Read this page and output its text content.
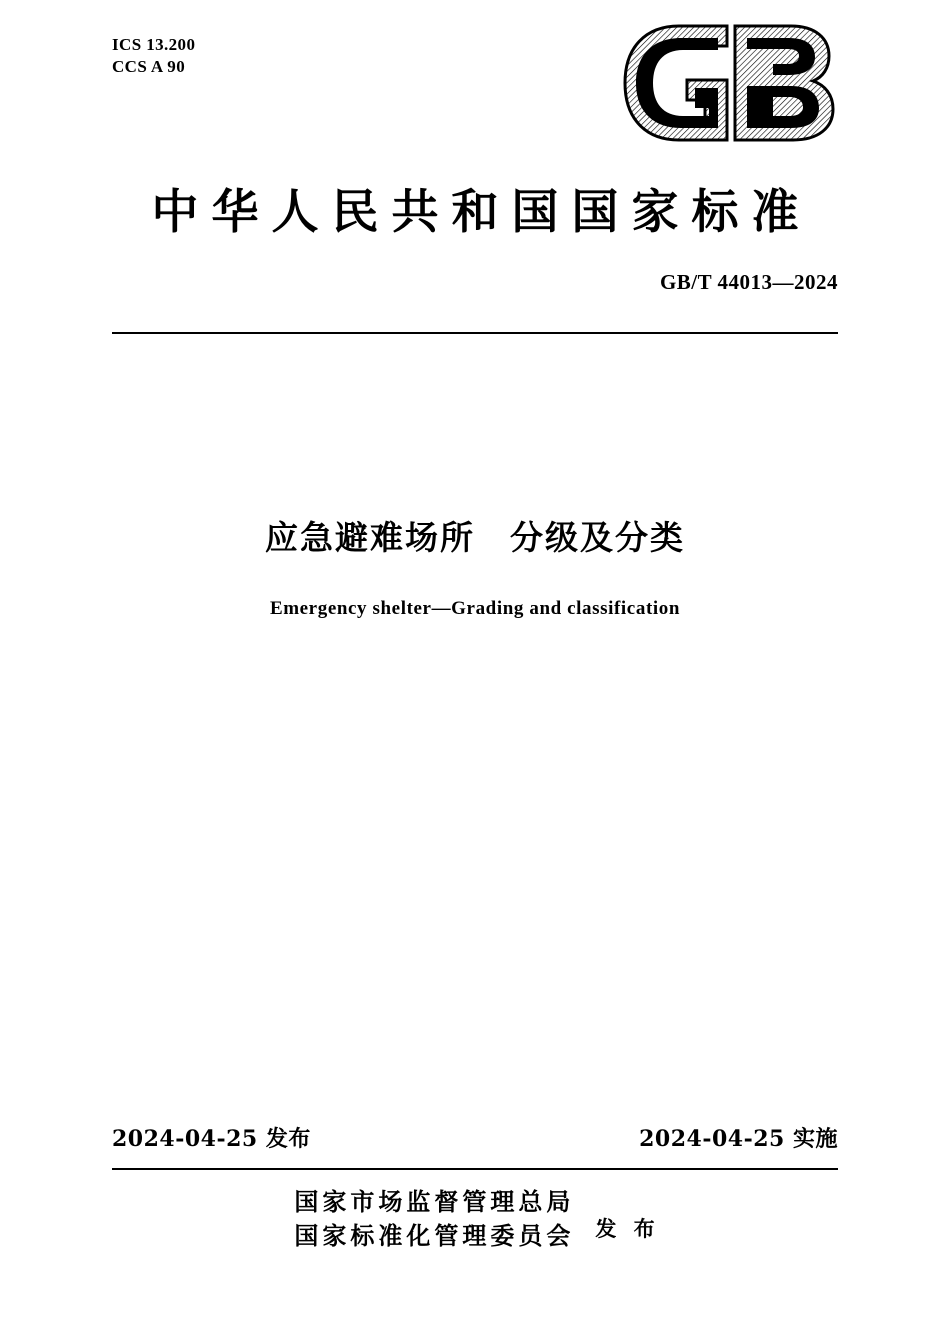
ICS 13.200
CCS A 90
中华人民共和国国家标准
GB/T 44013—2024
应急避难场所　分级及分类
Emergency shelter—Grading and classification
2024-04-25 发布	2024-04-25 实施
国家市场监督管理总局
国家标准化管理委员会 发 布
